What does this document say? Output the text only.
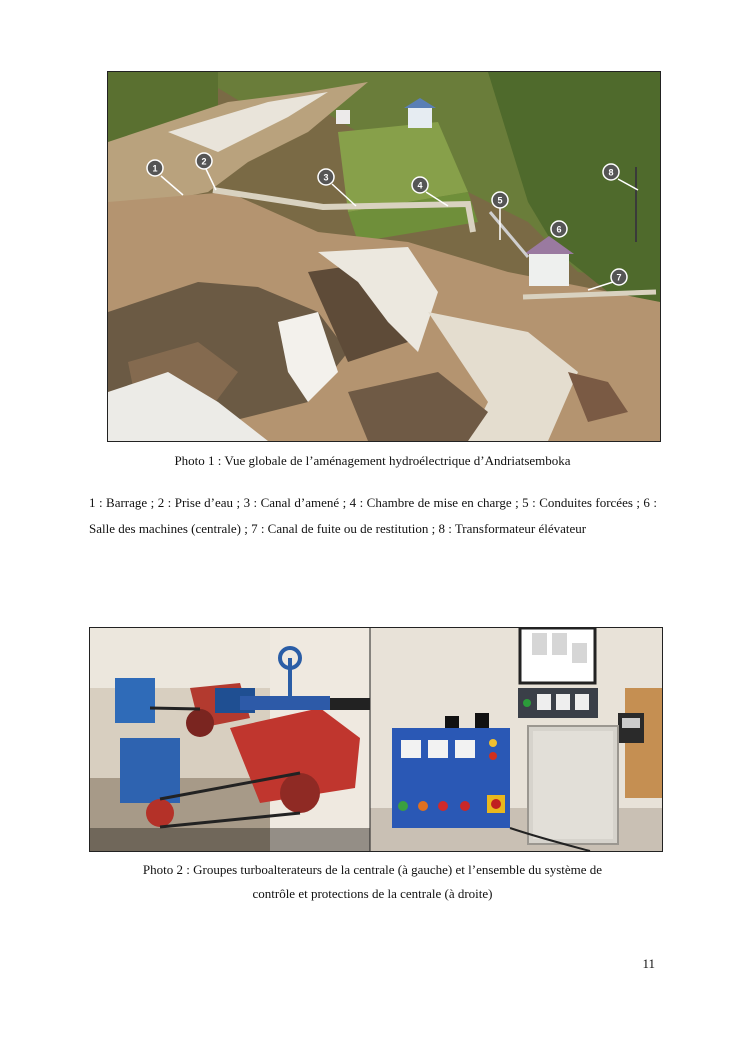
1
2
3
4
5
6
7
8
Photo 1 : Vue globale de l’aménagement hydroélectrique d’Andriatsemboka
1 : Barrage ; 2 : Prise d’eau ; 3 : Canal d’amené ; 4 : Chambre de mise en charge ; 5 : Conduites forcées ; 6 : Salle des machines (centrale) ; 7 : Canal de fuite ou de restitution ; 8 : Transformateur élévateur
Photo 2 : Groupes turboalterateurs de la centrale (à gauche) et l’ensemble du système de
contrôle et protections de la centrale (à droite)
11
